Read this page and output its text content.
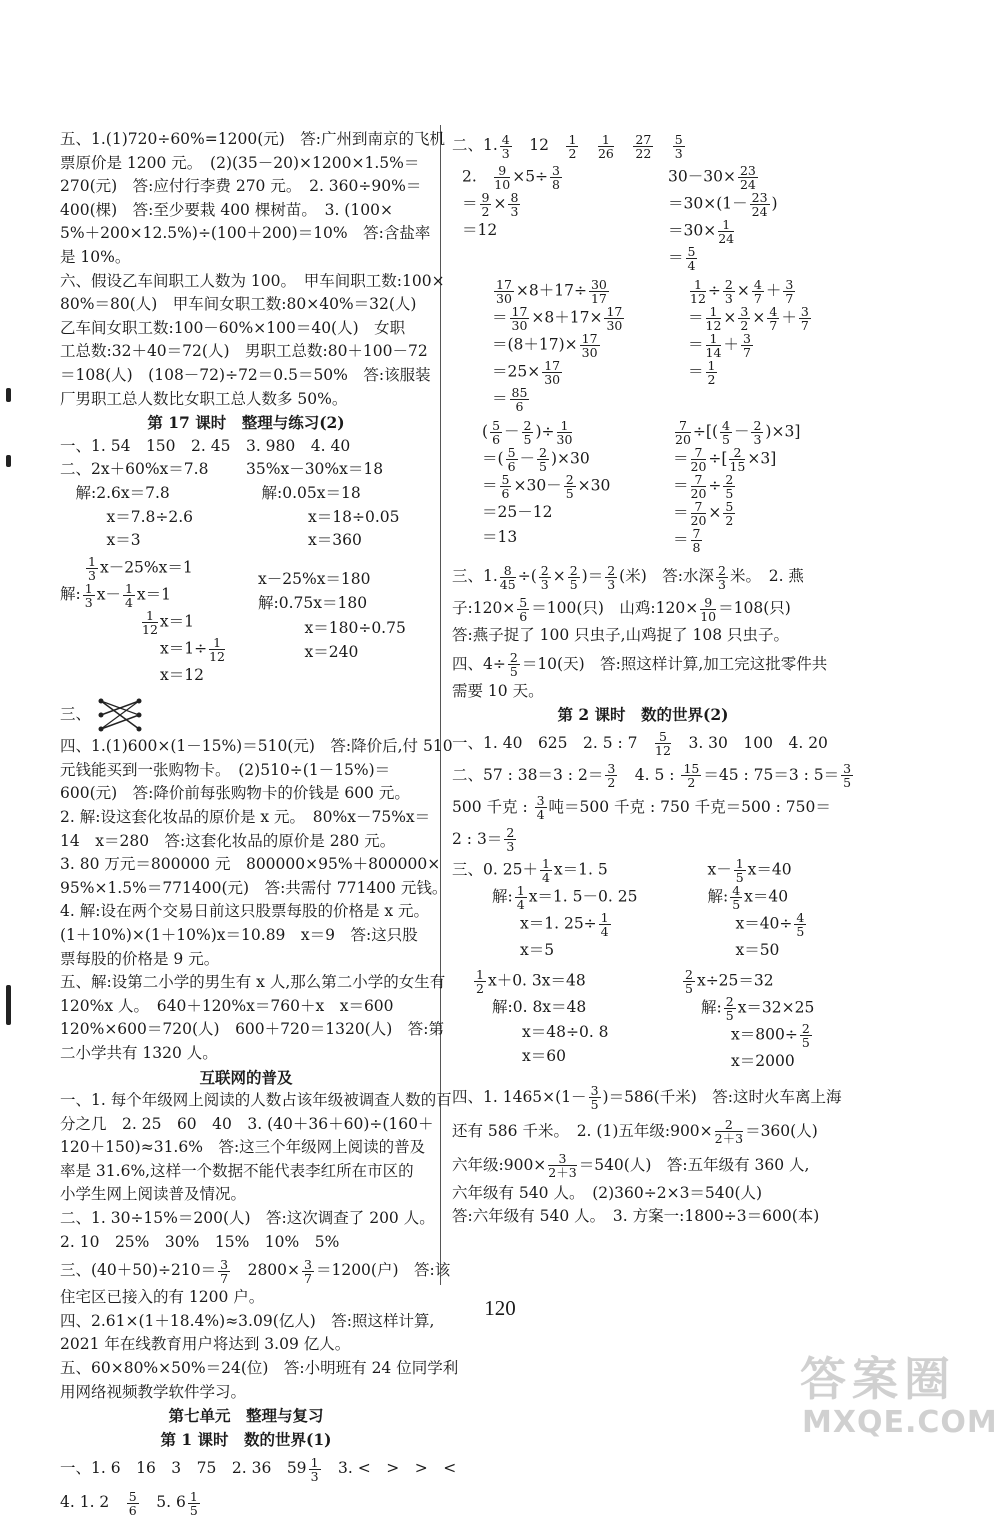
五、1.(1)720÷60%=1200(元)　答:广州到南京的飞机
票原价是 1200 元。　(2)(35－20)×1200×1.5%＝
270(元)　答:应付行李费 270 元。　2. 360÷90%＝
400(棵)　答:至少要栽 400 棵树苗。　3. (100×
5%＋200×12.5%)÷(100＋200)＝10%　答:含盐率
是 10%。
六、假设乙车间职工人数为 100。　甲车间职工数:100×
80%＝80(人)　甲车间女职工数:80×40%＝32(人)
乙车间女职工数:100－60%×100＝40(人)　女职
工总数:32＋40＝72(人)　男职工总数:80＋100－72
＝108(人)　(108－72)÷72＝0.5＝50%　答:该服装
厂男职工总人数比女职工总人数多 50%。
第 17 课时　整理与练习(2)
一、1. 54　150　2. 45　3. 980　4. 40
二、2x＋60%x＝7.8
　解:2.6x＝7.8
　　　x＝7.8÷2.6
　　　x＝3
35%x－30%x＝18
　解:0.05x＝18
　　　　x＝18÷0.05
　　　　x＝360
$\frac{1}{3} x-25\%x=1$
解: $\frac{1}{3} x- \frac{1}{4} x=1$
$\frac{1}{12} x=1$
$x=1\div \frac{1}{12}$
x＝12
x－25%x＝180
解:0.75x＝180
　　　x＝180÷0.75
　　　x＝240
三、
四、1.(1)600×(1－15%)＝510(元)　答:降价后,付 510
元钱能买到一张购物卡。　(2)510÷(1－15%)＝
600(元)　答:降价前每张购物卡的价钱是 600 元。
2. 解:设这套化妆品的原价是 x 元。　80%x－75%x＝
14　x＝280　答:这套化妆品的原价是 280 元。
3. 80 万元＝800000 元　800000×95%＋800000×
95%×1.5%＝771400(元)　答:共需付 771400 元钱。
4. 解:设在两个交易日前这只股票每股的价格是 x 元。
(1＋10%)×(1＋10%)x＝10.89　x＝9　答:这只股
票每股的价格是 9 元。
五、解:设第二小学的男生有 x 人,那么第二小学的女生有
120%x 人。　640＋120%x＝760＋x　x＝600
120%×600＝720(人)　600＋720＝1320(人)　答:第
二小学共有 1320 人。
互联网的普及
一、1. 每个年级网上阅读的人数占该年级被调查人数的百
分之几　2. 25　60　40　3. (40＋36＋60)÷(160＋
120＋150)≈31.6%　答:这三个年级网上阅读的普及
率是 31.6%,这样一个数据不能代表李红所在市区的
小学生网上阅读普及情况。
二、1. 30÷15%＝200(人)　答:这次调查了 200 人。
2. 10　25%　30%　15%　10%　5%
三、$(40+50)\div 210= \frac{3}{7}$ 　$2800\times \frac{3}{7} =1200$(户)　答:该
住宅区已接入的有 1200 户。
四、2.61×(1＋18.4%)≈3.09(亿人)　答:照这样计算,
2021 年在线教育用户将达到 3.09 亿人。
五、60×80%×50%＝24(位)　答:小明班有 24 位同学利
用网络视频教学软件学习。
第七单元　整理与复习
第 1 课时　数的世界(1)
一、1. 6　16　3　75　2. 36　$59 \frac{1}{3}$ 　3. <　>　>　<
4. 1. 2　 $\frac{5}{6}$ 　5. $6 \frac{1}{5}$
二、1. $\frac{4}{3}$ 　12　 $\frac{1}{2}$
　 $\frac{1}{26}$
　 $\frac{27}{22}$
　 $\frac{5}{3}$
2.　 $\frac{9}{10} \times 5\div \frac{3}{8}$
＝ $\frac{9}{2} \times \frac{8}{3}$
＝12
$30-30\times \frac{23}{24}$
$=30\times(1- \frac{23}{24}$ )
$=30\times \frac{1}{24}$
＝ $\frac{5}{4}$
$\frac{17}{30} \times 8+17\div \frac{30}{17}$
＝ $\frac{17}{30} \times 8+17\times \frac{17}{30}$
$=(8+17)\times \frac{17}{30}$
$=25\times \frac{17}{30}$
＝ $\frac{85}{6}$
$\frac{1}{12} \div \frac{2}{3} \times \frac{4}{7} + \frac{3}{7}$
＝ $\frac{1}{12} \times \frac{3}{2} \times \frac{4}{7} + \frac{3}{7}$
＝ $\frac{1}{14} + \frac{3}{7}$
＝ $\frac{1}{2}$
( $\frac{5}{6} - \frac{2}{5}$ )÷ $\frac{1}{30}$
＝( $\frac{5}{6} - \frac{2}{5} )\times 30$
＝ $\frac{5}{6} \times 30- \frac{2}{5} \times 30$
＝25－12
＝13
$\frac{7}{20}$ ÷[( $\frac{4}{5} - \frac{2}{3} )\times 3$]
＝ $\frac{7}{20}$ ÷[ $\frac{2}{15} \times 3$]
＝ $\frac{7}{20} \div \frac{2}{5}$
＝ $\frac{7}{20} \times \frac{5}{2}$
＝ $\frac{7}{8}$
三、1. $\frac{8}{45}$ ÷( $\frac{2}{3} \times \frac{2}{5}$ )＝ $\frac{2}{3}$ (米)　答:水深 $\frac{2}{3}$ 米。　2. 燕
子:120× $\frac{5}{6} =100$(只)　山鸡:120× $\frac{9}{10} =108$(只)
答:燕子捉了 100 只虫子,山鸡捉了 108 只虫子。
四、$4\div \frac{2}{5} =10$(天)　答:照这样计算,加工完这批零件共
需要 10 天。
第 2 课时　数的世界(2)
一、1. 40　625　2. 5 : 7　 $\frac{5}{12}$ 　3. 30　100　4. 20
二、57 : 38＝3 : $2= \frac{3}{2}$ 　4. 5 : $\frac{15}{2} =45$ : 75＝3 : $5= \frac{3}{5}$
500 千克 : $\frac{3}{4}$ 吨＝500 千克 : 750 千克＝500 : 750＝
2 : $3= \frac{2}{3}$
三、0. $25+ \frac{1}{4} x=1$. 5
解: $\frac{1}{4} x=1$. 5－0. 25
x＝1. $25\div \frac{1}{4}$
x＝5
$x- \frac{1}{5} x=40$
解: $\frac{4}{5} x=40$
$x=40\div \frac{4}{5}$
x＝50
$\frac{1}{2} x+0$. 3x＝48
解:0. 8x＝48
x＝48÷0. 8
x＝60
$\frac{2}{5} x\div 25=32$
解: $\frac{2}{5} x=32\times 25$
$x=800\div \frac{2}{5}$
x＝2000
四、1. $1465\times(1- \frac{3}{5} )=586$(千米)　答:这时火车离上海
还有 586 千米。　2. (1)五年级:900× $\frac{2}{2+3} =360$(人)
六年级:900× $\frac{3}{2+3} =540$(人)　答:五年级有 360 人,
六年级有 540 人。　(2)360÷2×3＝540(人)
答:六年级有 540 人。　3. 方案一:1800÷3＝600(本)
120
答案圈
MXQE.COM
